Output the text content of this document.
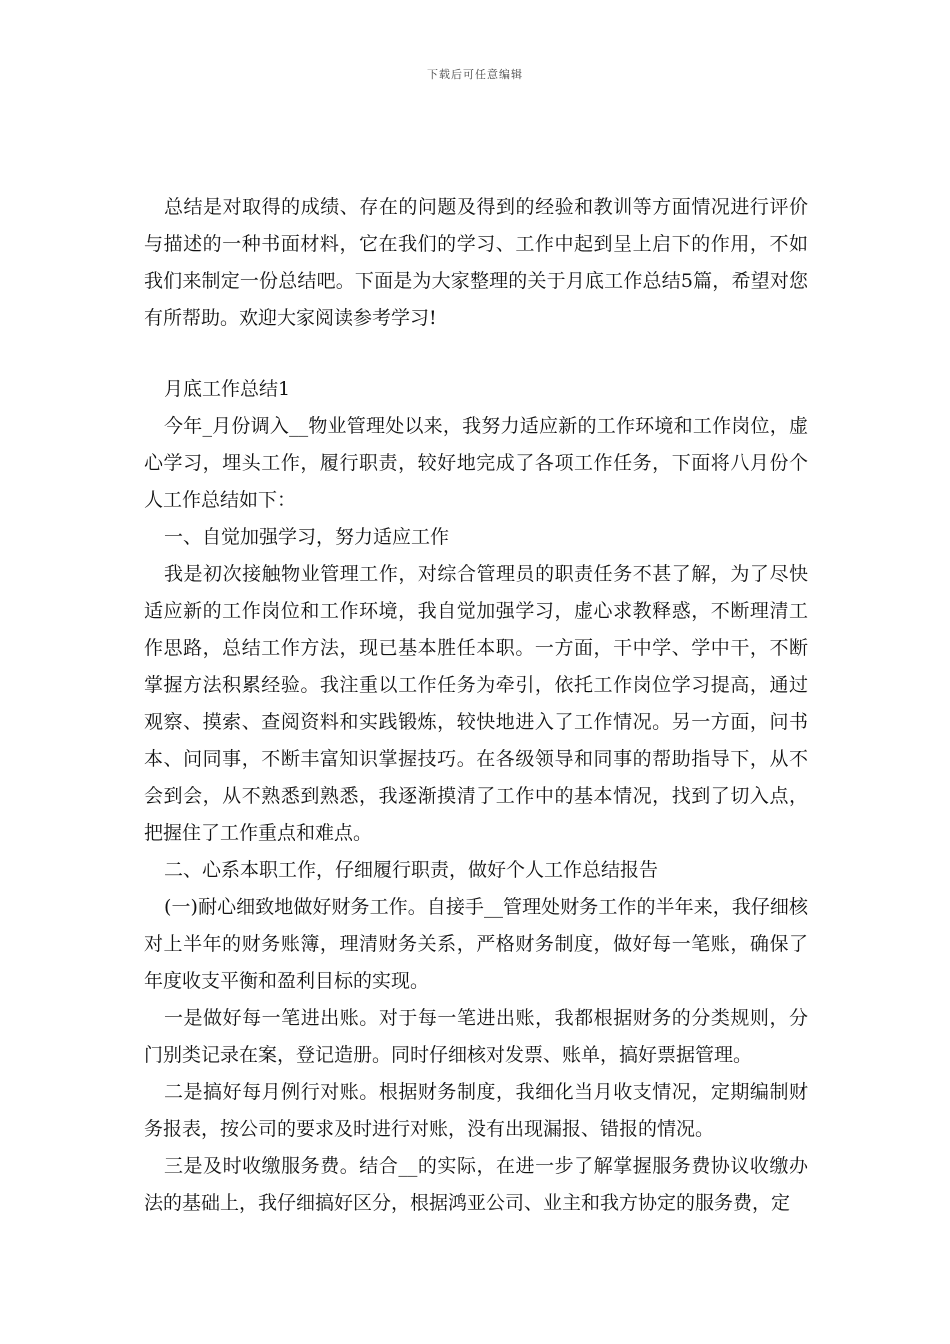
下载后可任意编辑

总结是对取得的成绩、存在的问题及得到的经验和教训等方面情况进行评价与描述的一种书面材料，它在我们的学习、工作中起到呈上启下的作用，不如我们来制定一份总结吧。下面是为大家整理的关于月底工作总结5篇，希望对您有所帮助。欢迎大家阅读参考学习!

月底工作总结1

今年_月份调入__物业管理处以来，我努力适应新的工作环境和工作岗位，虚心学习，埋头工作，履行职责，较好地完成了各项工作任务，下面将八月份个人工作总结如下：

一、自觉加强学习，努力适应工作

我是初次接触物业管理工作，对综合管理员的职责任务不甚了解，为了尽快适应新的工作岗位和工作环境，我自觉加强学习，虚心求教释惑，不断理清工作思路，总结工作方法，现已基本胜任本职。一方面，干中学、学中干，不断掌握方法积累经验。我注重以工作任务为牵引，依托工作岗位学习提高，通过观察、摸索、查阅资料和实践锻炼，较快地进入了工作情况。另一方面，问书本、问同事，不断丰富知识掌握技巧。在各级领导和同事的帮助指导下，从不会到会，从不熟悉到熟悉，我逐渐摸清了工作中的基本情况，找到了切入点，把握住了工作重点和难点。

二、心系本职工作，仔细履行职责，做好个人工作总结报告

(一)耐心细致地做好财务工作。自接手__管理处财务工作的半年来，我仔细核对上半年的财务账簿，理清财务关系，严格财务制度，做好每一笔账，确保了年度收支平衡和盈利目标的实现。

一是做好每一笔进出账。对于每一笔进出账，我都根据财务的分类规则，分门别类记录在案，登记造册。同时仔细核对发票、账单，搞好票据管理。

二是搞好每月例行对账。根据财务制度，我细化当月收支情况，定期编制财务报表，按公司的要求及时进行对账，没有出现漏报、错报的情况。

三是及时收缴服务费。结合__的实际，在进一步了解掌握服务费协议收缴办法的基础上，我仔细搞好区分，根据鸿亚公司、业主和我方协定的服务费，定
